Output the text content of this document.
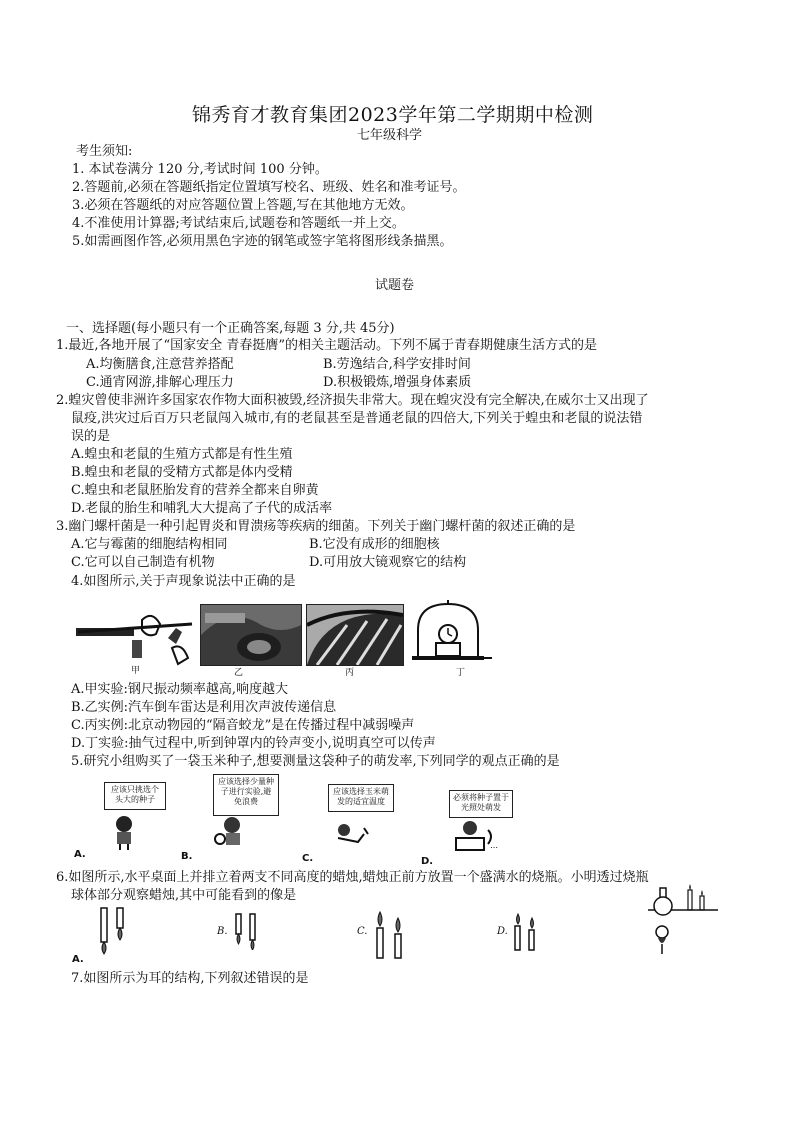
锦秀育才教育集团2023学年第二学期期中检测
七年级科学
考生须知:
1. 本试卷满分 120 分,考试时间 100 分钟。
2.答题前,必须在答题纸指定位置填写校名、班级、姓名和准考证号。
3.必须在答题纸的对应答题位置上答题,写在其他地方无效。
4.不准使用计算器;考试结束后,试题卷和答题纸一并上交。
5.如需画图作答,必须用黑色字迹的钢笔或签字笔将图形线条描黑。
试题卷
一、选择题(每小题只有一个正确答案,每题 3 分,共 45分)
1.最近,各地开展了“国家安全 青春挺膺”的相关主题活动。下列不属于青春期健康生活方式的是
A.均衡膳食,注意营养搭配	B.劳逸结合,科学安排时间
C.通宵网游,排解心理压力	D.积极锻炼,增强身体素质
2.蝗灾曾使非洲许多国家农作物大面积被毁,经济损失非常大。现在蝗灾没有完全解决,在威尔士又出现了
鼠疫,洪灾过后百万只老鼠闯入城市,有的老鼠甚至是普通老鼠的四倍大,下列关于蝗虫和老鼠的说法错
误的是
A.蝗虫和老鼠的生殖方式都是有性生殖
B.蝗虫和老鼠的受精方式都是体内受精
C.蝗虫和老鼠胚胎发育的营养全都来自卵黄
D.老鼠的胎生和哺乳大大提高了子代的成活率
3.幽门螺杆菌是一种引起胃炎和胃溃疡等疾病的细菌。下列关于幽门螺杆菌的叙述正确的是
A.它与霉菌的细胞结构相同	B.它没有成形的细胞核
C.它可以自己制造有机物	D.可用放大镜观察它的结构
4.如图所示,关于声现象说法中正确的是
甲	乙	丙	丁
A.甲实验:钢尺振动频率越高,响度越大
B.乙实例:汽车倒车雷达是利用次声波传递信息
C.丙实例:北京动物园的“隔音蛟龙”是在传播过程中减弱噪声
D.丁实验:抽气过程中,听到钟罩内的铃声变小,说明真空可以传声
5.研究小组购买了一袋玉米种子,想要测量这袋种子的萌发率,下列同学的观点正确的是
应该只挑选个头大的种子
应该选择少量种子进行实验,避免浪费
应该选择玉米萌发的适宜温度	必须将种子置于光照处萌发
⋯
A.	B.	C.	D.
6.如图所示,水平桌面上并排立着两支不同高度的蜡烛,蜡烛正前方放置一个盛满水的烧瓶。小明透过烧瓶
球体部分观察蜡烛,其中可能看到的像是
B.	C.	D.
A.
7.如图所示为耳的结构,下列叙述错误的是
